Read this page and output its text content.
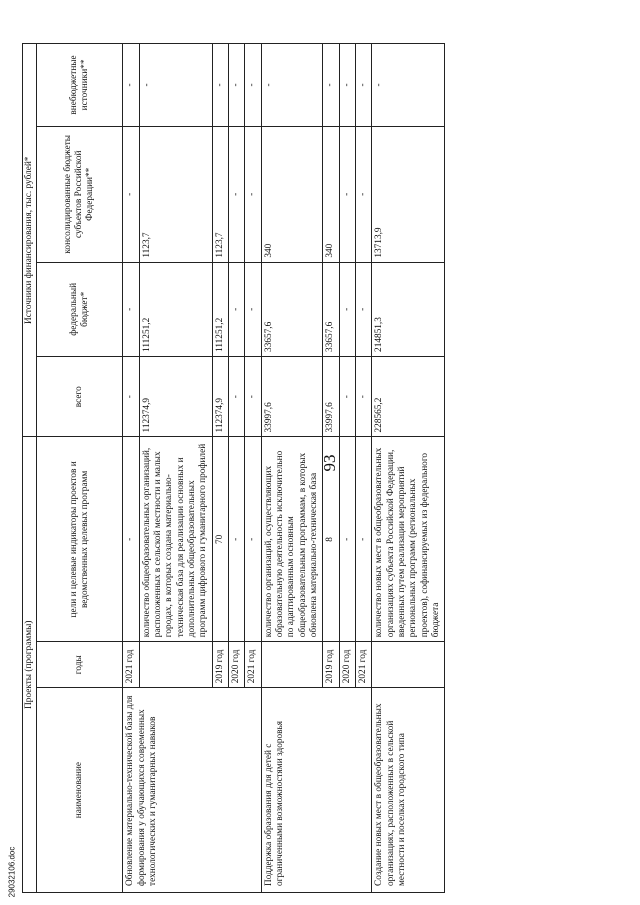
93
Проекты (программы)			Источники финансирования, тыс. рублей*			
наименование	годы	цели и целевые индикаторы проектов и ведомственных целевых программ	всего	федеральный бюджет*	консолидированные бюджеты субъектов Российской Федерации**	внебюджетные источники**
Обновление материально-технической базы для формирования у обучающихся современных технологических и гуманитарных навыков	2021 год	-	-	-	-	-
		количество общеобразовательных организаций, расположенных в сельской местности и малых городах, в которых создана материально-техническая база для реализации основных и дополнительных общеобразовательных программ цифрового и гуманитарного профилей	112374,9	111251,2	1123,7	-
	2019 год	70	112374,9	111251,2	1123,7	-
	2020 год	-	-	-	-	-
	2021 год	-	-	-	-	-
Поддержка образования для детей с ограниченными возможностями здоровья		количество организаций, осуществляющих образовательную деятельность исключительно по адаптированным основным общеобразовательным программам, в которых обновлена материально-техническая база	33997,6	33657,6	340	-
	2019 год	8	33997,6	33657,6	340	-
	2020 год	-	-	-	-	-
	2021 год	-	-	-	-	-
Создание новых мест в общеобразовательных организациях, расположенных в сельской местности и поселках городского типа		количество новых мест в общеобразовательных организациях субъекта Российской Федерации, введенных путем реализации мероприятий региональных программ (региональных проектов), софинансируемых из федерального бюджета	228565,2	214851,3	13713,9	-
29032106.doc
